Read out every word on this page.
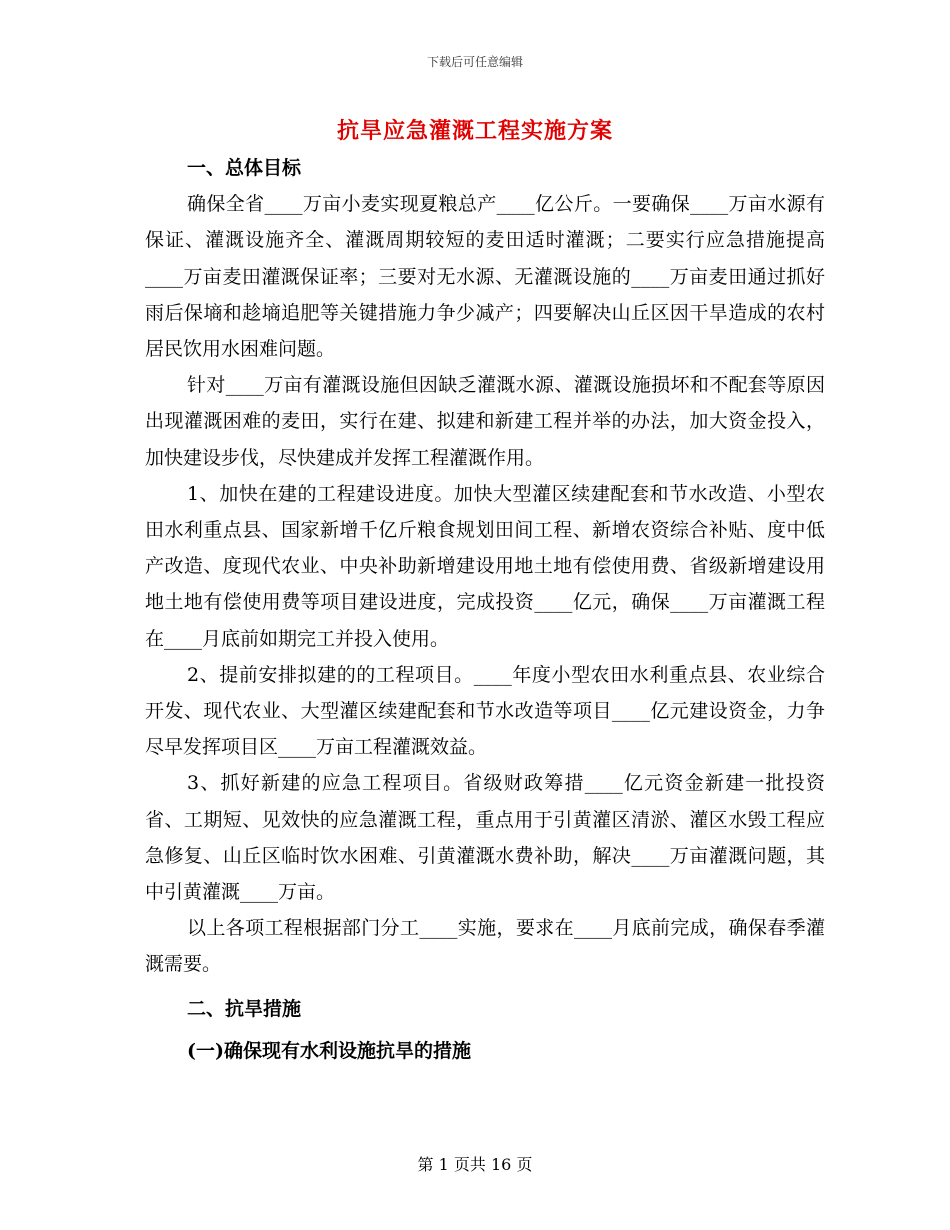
下载后可任意编辑
抗旱应急灌溉工程实施方案

一、总体目标

确保全省____万亩小麦实现夏粮总产____亿公斤。一要确保____万亩水源有保证、灌溉设施齐全、灌溉周期较短的麦田适时灌溉；二要实行应急措施提高____万亩麦田灌溉保证率；三要对无水源、无灌溉设施的____万亩麦田通过抓好雨后保墒和趁墒追肥等关键措施力争少减产；四要解决山丘区因干旱造成的农村居民饮用水困难问题。

针对____万亩有灌溉设施但因缺乏灌溉水源、灌溉设施损坏和不配套等原因出现灌溉困难的麦田，实行在建、拟建和新建工程并举的办法，加大资金投入，加快建设步伐，尽快建成并发挥工程灌溉作用。

1、加快在建的工程建设进度。加快大型灌区续建配套和节水改造、小型农田水利重点县、国家新增千亿斤粮食规划田间工程、新增农资综合补贴、度中低产改造、度现代农业、中央补助新增建设用地土地有偿使用费、省级新增建设用地土地有偿使用费等项目建设进度，完成投资____亿元，确保____万亩灌溉工程在____月底前如期完工并投入使用。

2、提前安排拟建的的工程项目。____年度小型农田水利重点县、农业综合开发、现代农业、大型灌区续建配套和节水改造等项目____亿元建设资金，力争尽早发挥项目区____万亩工程灌溉效益。

3、抓好新建的应急工程项目。省级财政筹措____亿元资金新建一批投资省、工期短、见效快的应急灌溉工程，重点用于引黄灌区清淤、灌区水毁工程应急修复、山丘区临时饮水困难、引黄灌溉水费补助，解决____万亩灌溉问题，其中引黄灌溉____万亩。

以上各项工程根据部门分工____实施，要求在____月底前完成，确保春季灌溉需要。

二、抗旱措施

(一)确保现有水利设施抗旱的措施

第 1 页共 16 页
